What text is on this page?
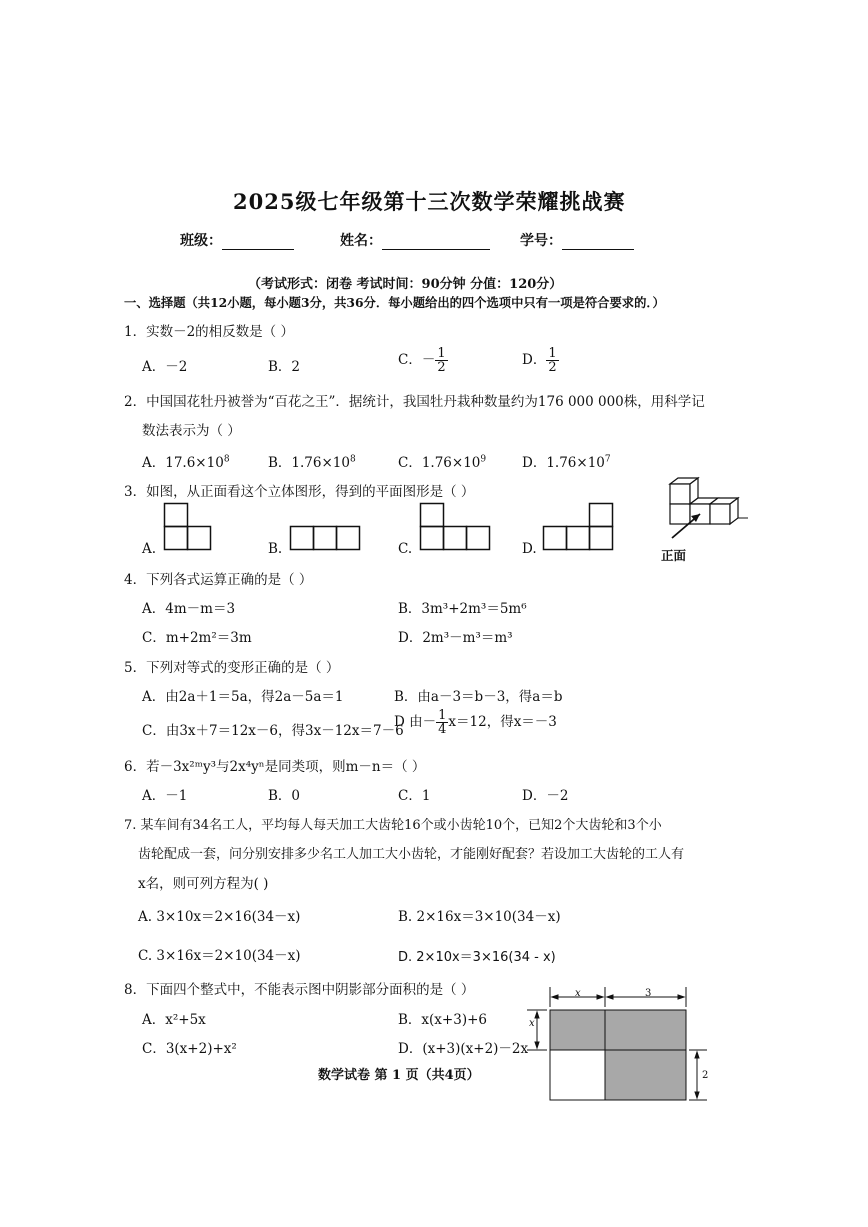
2025级七年级第十三次数学荣耀挑战赛
班级：	姓名：	学号：
（考试形式：闭卷 考试时间：90分钟 分值：120分）
一、选择题（共12小题，每小题3分，共36分．每小题给出的四个选项中只有一项是符合要求的．）
1．实数－2的相反数是（ ）
A．－2	B．2	C．－ $\frac{1}{2}$	D． $\frac{1}{2}$
2．中国国花牡丹被誉为“百花之王”．据统计，我国牡丹栽种数量约为176 000 000株，用科学记
数法表示为（ ）
A．$17.6\times 10^8$	B．$1.76\times 10^8$	C．$1.76\times 10^9$	D．$1.76\times 10^7$
3．如图，从正面看这个立体图形，得到的平面图形是（ ）
A.	B.	C.	D.	正面
4．下列各式运算正确的是（ ）
A．4m－m＝3	B．3m³+2m³＝5m⁶
C．m+2m²＝3m	D．2m³－m³＝m³
5．下列对等式的变形正确的是（ ）
A．由2a＋1＝5a，得2a－5a＝1	B．由a－3＝b－3，得a＝b
C．由3x＋7＝12x－6，得3x－12x＝7－6
D 由－ $\frac{1}{4} x=12$，得x＝－3
6．若－3x²ᵐy³与2x⁴yⁿ是同类项，则m－n＝（ ）
A．－1	B．0	C．1	D．－2
7. 某车间有34名工人，平均每人每天加工大齿轮16个或小齿轮10个，已知2个大齿轮和3个小
齿轮配成一套，问分别安排多少名工人加工大小齿轮，才能刚好配套？若设加工大齿轮的工人有
x名，则可列方程为( )
A. 3×10x＝2×16(34－x)	B. 2×16x＝3×10(34－x)
C. 3×16x＝2×10(34－x)	D. 2×10x＝3×16(34 - x)
8．下面四个整式中，不能表示图中阴影部分面积的是（ ）
A．x²+5x	B．x(x+3)+6
C．3(x+2)+x²	D．(x+3)(x+2)－2x
x	3
x
2
数学试卷 第 1 页（共4页）
